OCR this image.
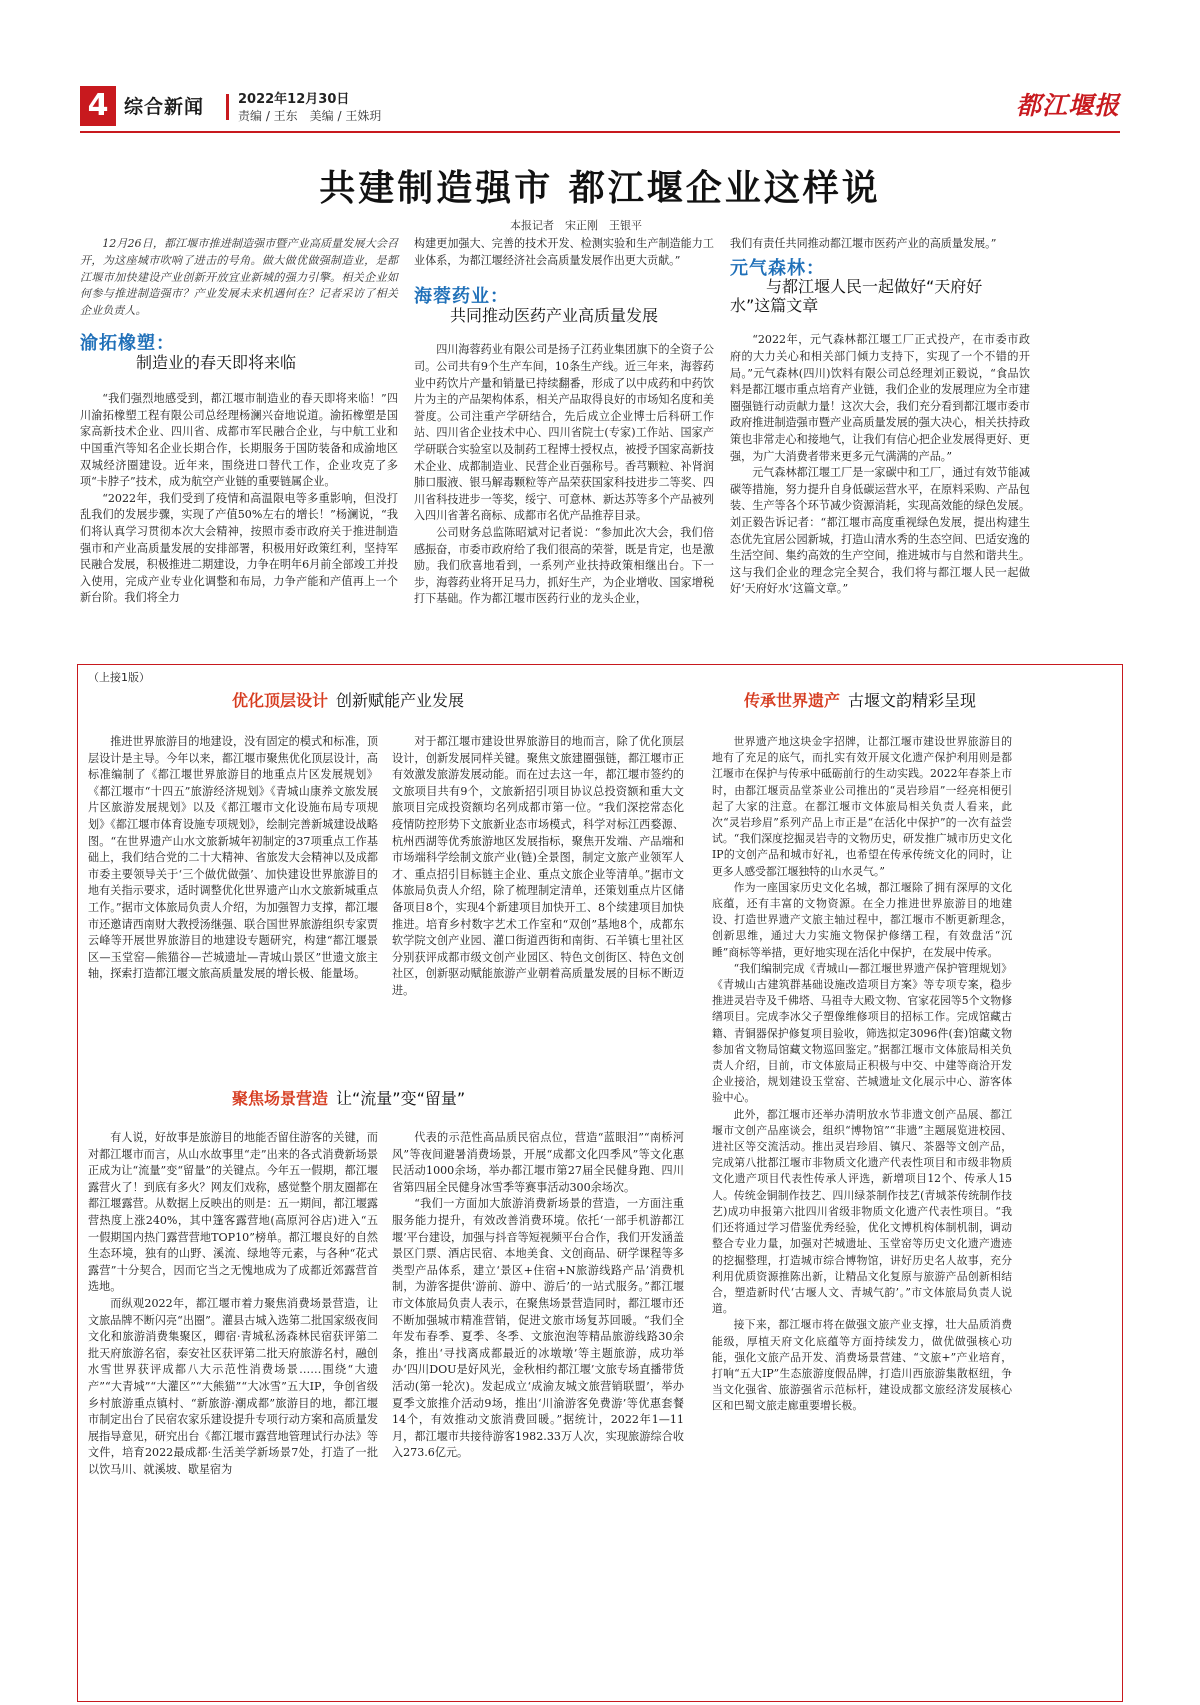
4 综合新闻	2022年12月30日
责编 / 王东　美编 / 王姝玥	都江堰报
共建制造强市 都江堰企业这样说
本报记者　宋正刚　王银平

12月26日，都江堰市推进制造强市暨产业高质量发展大会召开，为这座城市吹响了进击的号角。做大做优做强制造业，是都江堰市加快建设产业创新开放宜业新城的强力引擎。相关企业如何参与推进制造强市？产业发展未来机遇何在？记者采访了相关企业负责人。

渝拓橡塑：
制造业的春天即将来临

“我们强烈地感受到，都江堰市制造业的春天即将来临！”四川渝拓橡塑工程有限公司总经理杨澜兴奋地说道。渝拓橡塑是国家高新技术企业、四川省、成都市军民融合企业，与中航工业和中国重汽等知名企业长期合作，长期服务于国防装备和成渝地区双城经济圈建设。近年来，围绕进口替代工作，企业攻克了多项“卡脖子”技术，成为航空产业链的重要链属企业。

“2022年，我们受到了疫情和高温限电等多重影响，但没打乱我们的发展步骤，实现了产值50%左右的增长！”杨澜说，“我们将认真学习贯彻本次大会精神，按照市委市政府关于推进制造强市和产业高质量发展的安排部署，积极用好政策红利，坚持军民融合发展，积极推进二期建设，力争在明年6月前全部竣工并投入使用，完成产业专业化调整和布局，力争产能和产值再上一个新台阶。我们将全力

构建更加强大、完善的技术开发、检测实验和生产制造能力工业体系，为都江堰经济社会高质量发展作出更大贡献。”

海蓉药业：
共同推动医药产业高质量发展

四川海蓉药业有限公司是扬子江药业集团旗下的全资子公司。公司共有9个生产车间，10条生产线。近三年来，海蓉药业中药饮片产量和销量已持续翻番，形成了以中成药和中药饮片为主的产品架构体系，相关产品取得良好的市场知名度和美誉度。公司注重产学研结合，先后成立企业博士后科研工作站、四川省企业技术中心、四川省院士(专家)工作站、国家产学研联合实验室以及制药工程博士授权点，被授予国家高新技术企业、成都制造业、民营企业百强称号。香芎颗粒、补肾润肺口服液、银马解毒颗粒等产品荣获国家科技进步二等奖、四川省科技进步一等奖，绥宁、可意林、新达苏等多个产品被列入四川省著名商标、成都市名优产品推荐目录。

公司财务总监陈昭斌对记者说：“参加此次大会，我们倍感振奋，市委市政府给了我们很高的荣誉，既是肯定，也是激励。我们欣喜地看到，一系列产业扶持政策相继出台。下一步，海蓉药业将开足马力，抓好生产，为企业增收、国家增税打下基础。作为都江堰市医药行业的龙头企业，

我们有责任共同推动都江堰市医药产业的高质量发展。”

元气森林：
与都江堰人民一起做好“天府好
水”这篇文章

“2022年，元气森林都江堰工厂正式投产，在市委市政府的大力关心和相关部门倾力支持下，实现了一个不错的开局。”元气森林(四川)饮料有限公司总经理刘正毅说，“食品饮料是都江堰市重点培育产业链，我们企业的发展理应为全市建圈强链行动贡献力量！这次大会，我们充分看到都江堰市委市政府推进制造强市暨产业高质量发展的强大决心，相关扶持政策也非常走心和接地气，让我们有信心把企业发展得更好、更强，为广大消费者带来更多元气满满的产品。”

元气森林都江堰工厂是一家碳中和工厂，通过有效节能减碳等措施，努力提升自身低碳运营水平，在原料采购、产品包装、生产等各个环节减少资源消耗，实现高效能的绿色发展。刘正毅告诉记者：“都江堰市高度重视绿色发展，提出构建生态优先宜居公园新城，打造山清水秀的生态空间、巴适安逸的生活空间、集约高效的生产空间，推进城市与自然和谐共生。这与我们企业的理念完全契合，我们将与都江堰人民一起做好‘天府好水’这篇文章。”

（上接1版）
优化顶层设计 创新赋能产业发展

推进世界旅游目的地建设，没有固定的模式和标准，顶层设计是主导。今年以来，都江堰市聚焦优化顶层设计，高标准编制了《都江堰世界旅游目的地重点片区发展规划》《都江堰市“十四五”旅游经济规划》《青城山康养文旅发展片区旅游发展规划》以及《都江堰市文化设施布局专项规划》《都江堰市体育设施专项规划》，绘制完善新城建设战略图。“在世界遗产山水文旅新城年初制定的37项重点工作基础上，我们结合党的二十大精神、省旅发大会精神以及成都市委主要领导关于‘三个做优做强’、加快建设世界旅游目的地有关指示要求，适时调整优化世界遗产山水文旅新城重点工作。”据市文体旅局负责人介绍，为加强智力支撑，都江堰市还邀请西南财大教授汤继强、联合国世界旅游组织专家贾云峰等开展世界旅游目的地建设专题研究，构建“都江堰景区—玉堂窑—熊猫谷—芒城遗址—青城山景区”世遗文旅主轴，探索打造都江堰文旅高质量发展的增长极、能量场。

对于都江堰市建设世界旅游目的地而言，除了优化顶层设计，创新发展同样关键。聚焦文旅建圈强链，都江堰市正有效激发旅游发展动能。而在过去这一年，都江堰市签约的文旅项目共有9个，文旅新招引项目协议总投资额和重大文旅项目完成投资额均名列成都市第一位。“我们深挖常态化疫情防控形势下文旅新业态市场模式，科学对标江西婺源、杭州西湖等优秀旅游地区发展指标，聚焦开发端、产品端和市场端科学绘制文旅产业(链)全景图，制定文旅产业领军人才、重点招引目标链主企业、重点文旅企业等清单。”据市文体旅局负责人介绍，除了梳理制定清单，还策划重点片区储备项目8个，实现4个新建项目加快开工、8个续建项目加快推进。培育乡村数字艺术工作室和“双创”基地8个，成都东软学院文创产业园、灌口街道西街和南街、石羊镇七里社区分别获评成都市级文创产业园区、特色文创街区、特色文创社区，创新驱动赋能旅游产业朝着高质量发展的目标不断迈进。

聚焦场景营造 让“流量”变“留量”

有人说，好故事是旅游目的地能否留住游客的关键，而对都江堰市而言，从山水故事里“走”出来的各式消费新场景正成为让“流量”变“留量”的关键点。今年五一假期，都江堰露营火了！到底有多火？网友们戏称，感觉整个朋友圈都在都江堰露营。从数据上反映出的则是：五一期间，都江堰露营热度上涨240%，其中篷客露营地(高原河谷店)进入“五一假期国内热门露营营地TOP10”榜单。都江堰良好的自然生态环境，独有的山野、溪流、绿地等元素，与各种“花式露营”十分契合，因而它当之无愧地成为了成都近郊露营首选地。

而纵观2022年，都江堰市着力聚焦消费场景营造，让文旅品牌不断闪亮“出圈”。灌县古城入选第二批国家级夜间文化和旅游消费集聚区，卿宿·青城私汤森林民宿获评第二批天府旅游名宿，泰安社区获评第二批天府旅游名村，融创水雪世界获评成都八大示范性消费场景……围绕“大遗产”“大青城”“大灌区”“大熊猫”“大冰雪”五大IP，争创省级乡村旅游重点镇村、“新旅游·潮成都”旅游目的地，都江堰市制定出台了民宿农家乐建设提升专项行动方案和高质量发展指导意见，研究出台《都江堰市露营地管理试行办法》等文件，培育2022最成都·生活美学新场景7处，打造了一批以饮马川、就溪坡、歇星宿为

代表的示范性高品质民宿点位，营造“蓝眼泪”“南桥河风”等夜间避暑消费场景，开展“成都文化四季风”等文化惠民活动1000余场，举办都江堰市第27届全民健身跑、四川省第四届全民健身冰雪季等赛事活动300余场次。

“我们一方面加大旅游消费新场景的营造，一方面注重服务能力提升，有效改善消费环境。依托‘一部手机游都江堰’平台建设，加强与抖音等短视频平台合作，我们开发涵盖景区门票、酒店民宿、本地美食、文创商品、研学课程等多类型产品体系，建立‘景区+住宿+N旅游线路产品’消费机制，为游客提供‘游前、游中、游后’的一站式服务。”都江堰市文体旅局负责人表示，在聚焦场景营造同时，都江堰市还不断加强城市精准营销，促进文旅市场复苏回暖。“我们全年发布春季、夏季、冬季、文旅泡泡等精品旅游线路30余条，推出‘寻找离成都最近的冰墩墩’等主题旅游，成功举办‘四川DOU是好风光，金秋相约都江堰’文旅专场直播带货活动(第一轮次)。发起成立‘成渝友城文旅营销联盟’，举办夏季文旅推介活动9场，推出‘川渝游客免费游’等优惠套餐14个，有效推动文旅消费回暖。”据统计，2022年1—11月，都江堰市共接待游客1982.33万人次，实现旅游综合收入273.6亿元。

传承世界遗产 古堰文韵精彩呈现

世界遗产地这块金字招牌，让都江堰市建设世界旅游目的地有了充足的底气，而扎实有效开展文化遗产保护利用则是都江堰市在保护与传承中砥砺前行的生动实践。2022年春茶上市时，由都江堰贡品堂茶业公司推出的“灵岩珍眉”一经亮相便引起了大家的注意。在都江堰市文体旅局相关负责人看来，此次“灵岩珍眉”系列产品上市正是“在活化中保护”的一次有益尝试。“我们深度挖掘灵岩寺的文物历史，研发推广城市历史文化IP的文创产品和城市好礼，也希望在传承传统文化的同时，让更多人感受都江堰独特的山水灵气。”

作为一座国家历史文化名城，都江堰除了拥有深厚的文化底蕴，还有丰富的文物资源。在全力推进世界旅游目的地建设、打造世界遗产文旅主轴过程中，都江堰市不断更新理念，创新思维，通过大力实施文物保护修缮工程，有效盘活“沉睡”商标等举措，更好地实现在活化中保护，在发展中传承。

“我们编制完成《青城山—都江堰世界遗产保护管理规划》《青城山古建筑群基础设施改造项目方案》等专项专案，稳步推进灵岩寺及千佛塔、马祖寺大殿文物、官家花园等5个文物修缮项目。完成李冰父子塑像维修项目的招标工作。完成馆藏古籍、青铜器保护修复项目验收，筛选拟定3096件(套)馆藏文物参加省文物局馆藏文物巡回鉴定。”据都江堰市文体旅局相关负责人介绍，目前，市文体旅局正积极与中交、中建等商洽开发企业接洽，规划建设玉堂窑、芒城遗址文化展示中心、游客体验中心。

此外，都江堰市还举办清明放水节非遗文创产品展、都江堰市文创产品座谈会，组织“博物馆”“非遗”主题展览进校园、进社区等交流活动。推出灵岩珍眉、镇尺、茶器等文创产品，完成第八批都江堰市非物质文化遗产代表性项目和市级非物质文化遗产项目代表性传承人评选，新增项目12个、传承人15人。传统金铜制作技艺、四川绿茶制作技艺(青城茶传统制作技艺)成功申报第六批四川省级非物质文化遗产代表性项目。“我们还将通过学习借鉴优秀经验，优化文博机构体制机制，调动整合专业力量，加强对芒城遗址、玉堂窑等历史文化遗产遗迹的挖掘整理，打造城市综合博物馆，讲好历史名人故事，充分利用优质资源推陈出新，让精品文化复原与旅游产品创新相结合，塑造新时代‘古堰人文、青城气韵’。”市文体旅局负责人说道。

接下来，都江堰市将在做强文旅产业支撑，壮大品质消费能级，厚植天府文化底蕴等方面持续发力，做优做强核心功能，强化文旅产品开发、消费场景营建、“文旅+”产业培育，打响“五大IP”生态旅游度假品牌，打造川西旅游集散枢纽，争当文化强省、旅游强省示范标杆，建设成都文旅经济发展核心区和巴蜀文旅走廊重要增长极。
